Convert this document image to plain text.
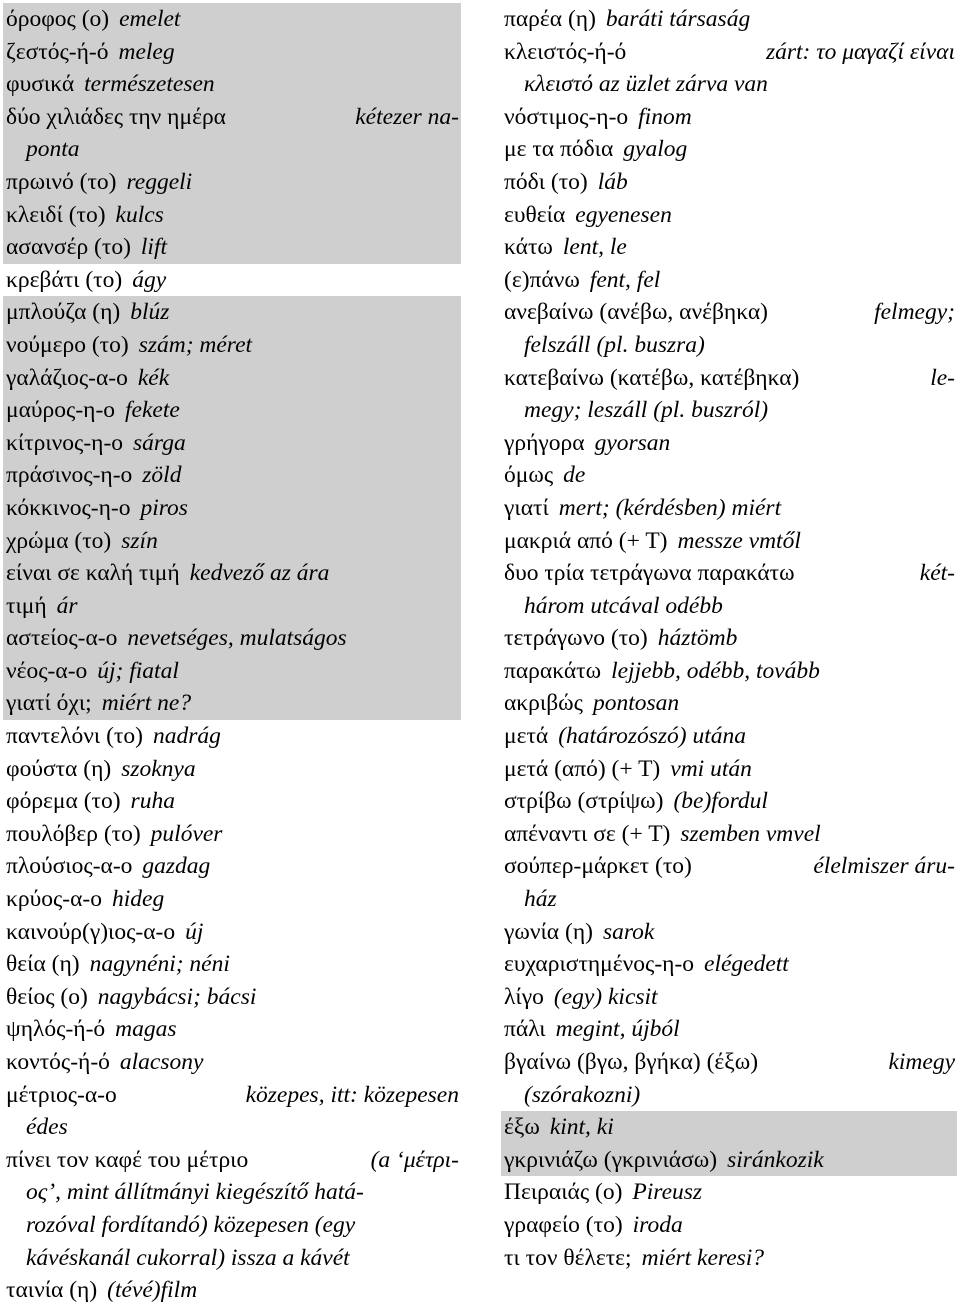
όροφος (ο) emelet
ζεστός-ή-ό meleg
φυσικά természetesen
δύο χιλιάδες την ημέρα	kétezer na-
ponta
πρωινό (το) reggeli
κλειδί (το) kulcs
ασανσέρ (το) lift
κρεβάτι (το) ágy
μπλούζα (η) blúz
νούμερο (το) szám; méret
γαλάζιος-α-ο kék
μαύρος-η-ο fekete
κίτρινος-η-ο sárga
πράσινος-η-ο zöld
κόκκινος-η-ο piros
χρώμα (το) szín
είναι σε καλή τιμή kedvező az ára
τιμή ár
αστείος-α-ο nevetséges, mulatságos
νέος-α-ο új; fiatal
γιατί όχι; miért ne?
παντελόνι (το) nadrág
φούστα (η) szoknya
φόρεμα (το) ruha
πουλόβερ (το) pulóver
πλούσιος-α-ο gazdag
κρύος-α-ο hideg
καινούρ(γ)ιος-α-ο új
θεία (η) nagynéni; néni
θείος (ο) nagybácsi; bácsi
ψηλός-ή-ό magas
κοντός-ή-ό alacsony
μέτριος-α-ο	közepes, itt: közepesen
édes
πίνει τον καφέ του μέτριο	(a ‘μέτρι-
ος’, mint állítmányi kiegészítő hatá-
rozóval fordítandó) közepesen (egy
kávéskanál cukorral) issza a kávét
ταινία (η) (tévé)film
παρέα (η) baráti társaság
κλειστός-ή-ό	zárt: το μαγαζί είναι
κλειστό az üzlet zárva van
νόστιμος-η-ο finom
με τα πόδια gyalog
πόδι (το) láb
ευθεία egyenesen
κάτω lent, le
(ε)πάνω fent, fel
ανεβαίνω (ανέβω, ανέβηκα)	felmegy;
felszáll (pl. buszra)
κατεβαίνω (κατέβω, κατέβηκα)	le-
megy; leszáll (pl. buszról)
γρήγορα gyorsan
όμως de
γιατί mert; (kérdésben) miért
μακριά από (+ Τ) messze vmtől
δυο τρία τετράγωνα παρακάτω	két-
három utcával odébb
τετράγωνο (το) háztömb
παρακάτω lejjebb, odébb, tovább
ακριβώς pontosan
μετά (határozószó) utána
μετά (από) (+ Τ) vmi után
στρίβω (στρίψω) (be)fordul
απέναντι σε (+ Τ) szemben vmvel
σούπερ-μάρκετ (το)	élelmiszer áru-
ház
γωνία (η) sarok
ευχαριστημένος-η-ο elégedett
λίγο (egy) kicsit
πάλι megint, újból
βγαίνω (βγω, βγήκα) (έξω)	kimegy
(szórakozni)
έξω kint, ki
γκρινιάζω (γκρινιάσω) siránkozik
Πειραιάς (ο) Pireusz
γραφείο (το) iroda
τι τον θέλετε; miért keresi?
